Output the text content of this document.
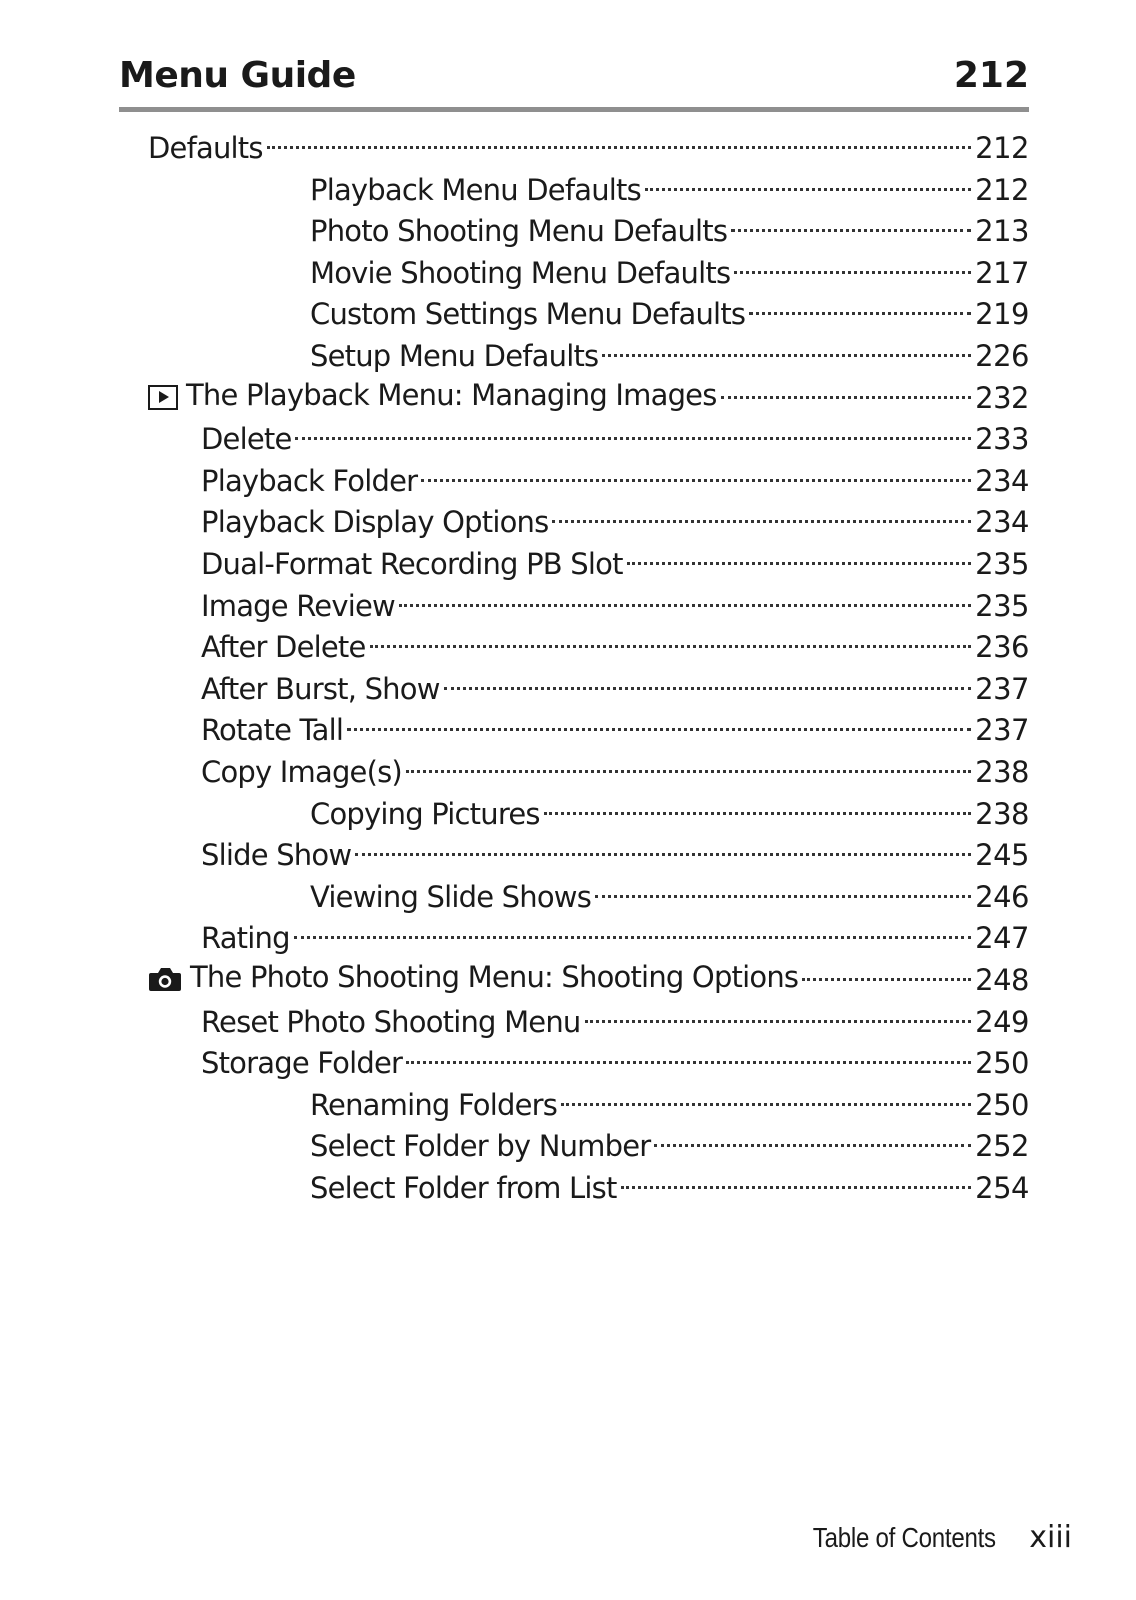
Menu Guide	212
Defaults	212
Playback Menu Defaults	212
Photo Shooting Menu Defaults	213
Movie Shooting Menu Defaults	217
Custom Settings Menu Defaults	219
Setup Menu Defaults	226
The Playback Menu: Managing Images	232
Delete	233
Playback Folder	234
Playback Display Options	234
Dual-Format Recording PB Slot	235
Image Review	235
After Delete	236
After Burst, Show	237
Rotate Tall	237
Copy Image(s)	238
Copying Pictures	238
Slide Show	245
Viewing Slide Shows	246
Rating	247
The Photo Shooting Menu: Shooting Options	248
Reset Photo Shooting Menu	249
Storage Folder	250
Renaming Folders	250
Select Folder by Number	252
Select Folder from List	254
Table of Contents xiii
